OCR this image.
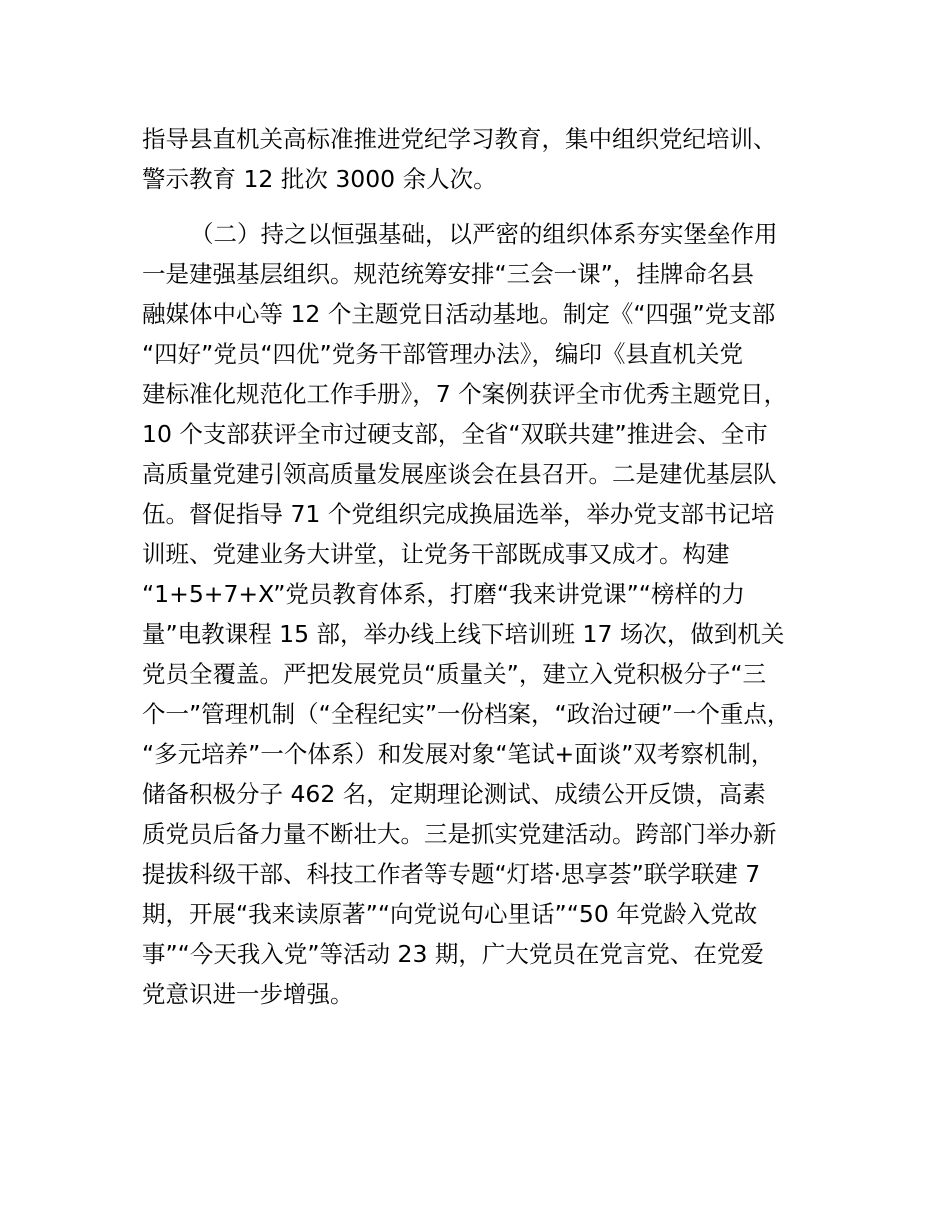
指导县直机关高标准推进党纪学习教育，集中组织党纪培训、
警示教育 12 批次 3000 余人次。
（二）持之以恒强基础，以严密的组织体系夯实堡垒作用
一是建强基层组织。规范统筹安排“三会一课”，挂牌命名县
融媒体中心等 12 个主题党日活动基地。制定《“四强”党支部
“四好”党员“四优”党务干部管理办法》，编印《县直机关党
建标准化规范化工作手册》，7 个案例获评全市优秀主题党日，
10 个支部获评全市过硬支部，全省“双联共建”推进会、全市
高质量党建引领高质量发展座谈会在县召开。二是建优基层队
伍。督促指导 71 个党组织完成换届选举，举办党支部书记培
训班、党建业务大讲堂，让党务干部既成事又成才。构建
“1+5+7+X”党员教育体系，打磨“我来讲党课”“榜样的力
量”电教课程 15 部，举办线上线下培训班 17 场次，做到机关
党员全覆盖。严把发展党员“质量关”，建立入党积极分子“三
个一”管理机制（“全程纪实”一份档案，“政治过硬”一个重点，
“多元培养”一个体系）和发展对象“笔试+面谈”双考察机制，
储备积极分子 462 名，定期理论测试、成绩公开反馈，高素
质党员后备力量不断壮大。三是抓实党建活动。跨部门举办新
提拔科级干部、科技工作者等专题“灯塔·思享荟”联学联建 7
期，开展“我来读原著”“向党说句心里话”“50 年党龄入党故
事”“今天我入党”等活动 23 期，广大党员在党言党、在党爱
党意识进一步增强。
